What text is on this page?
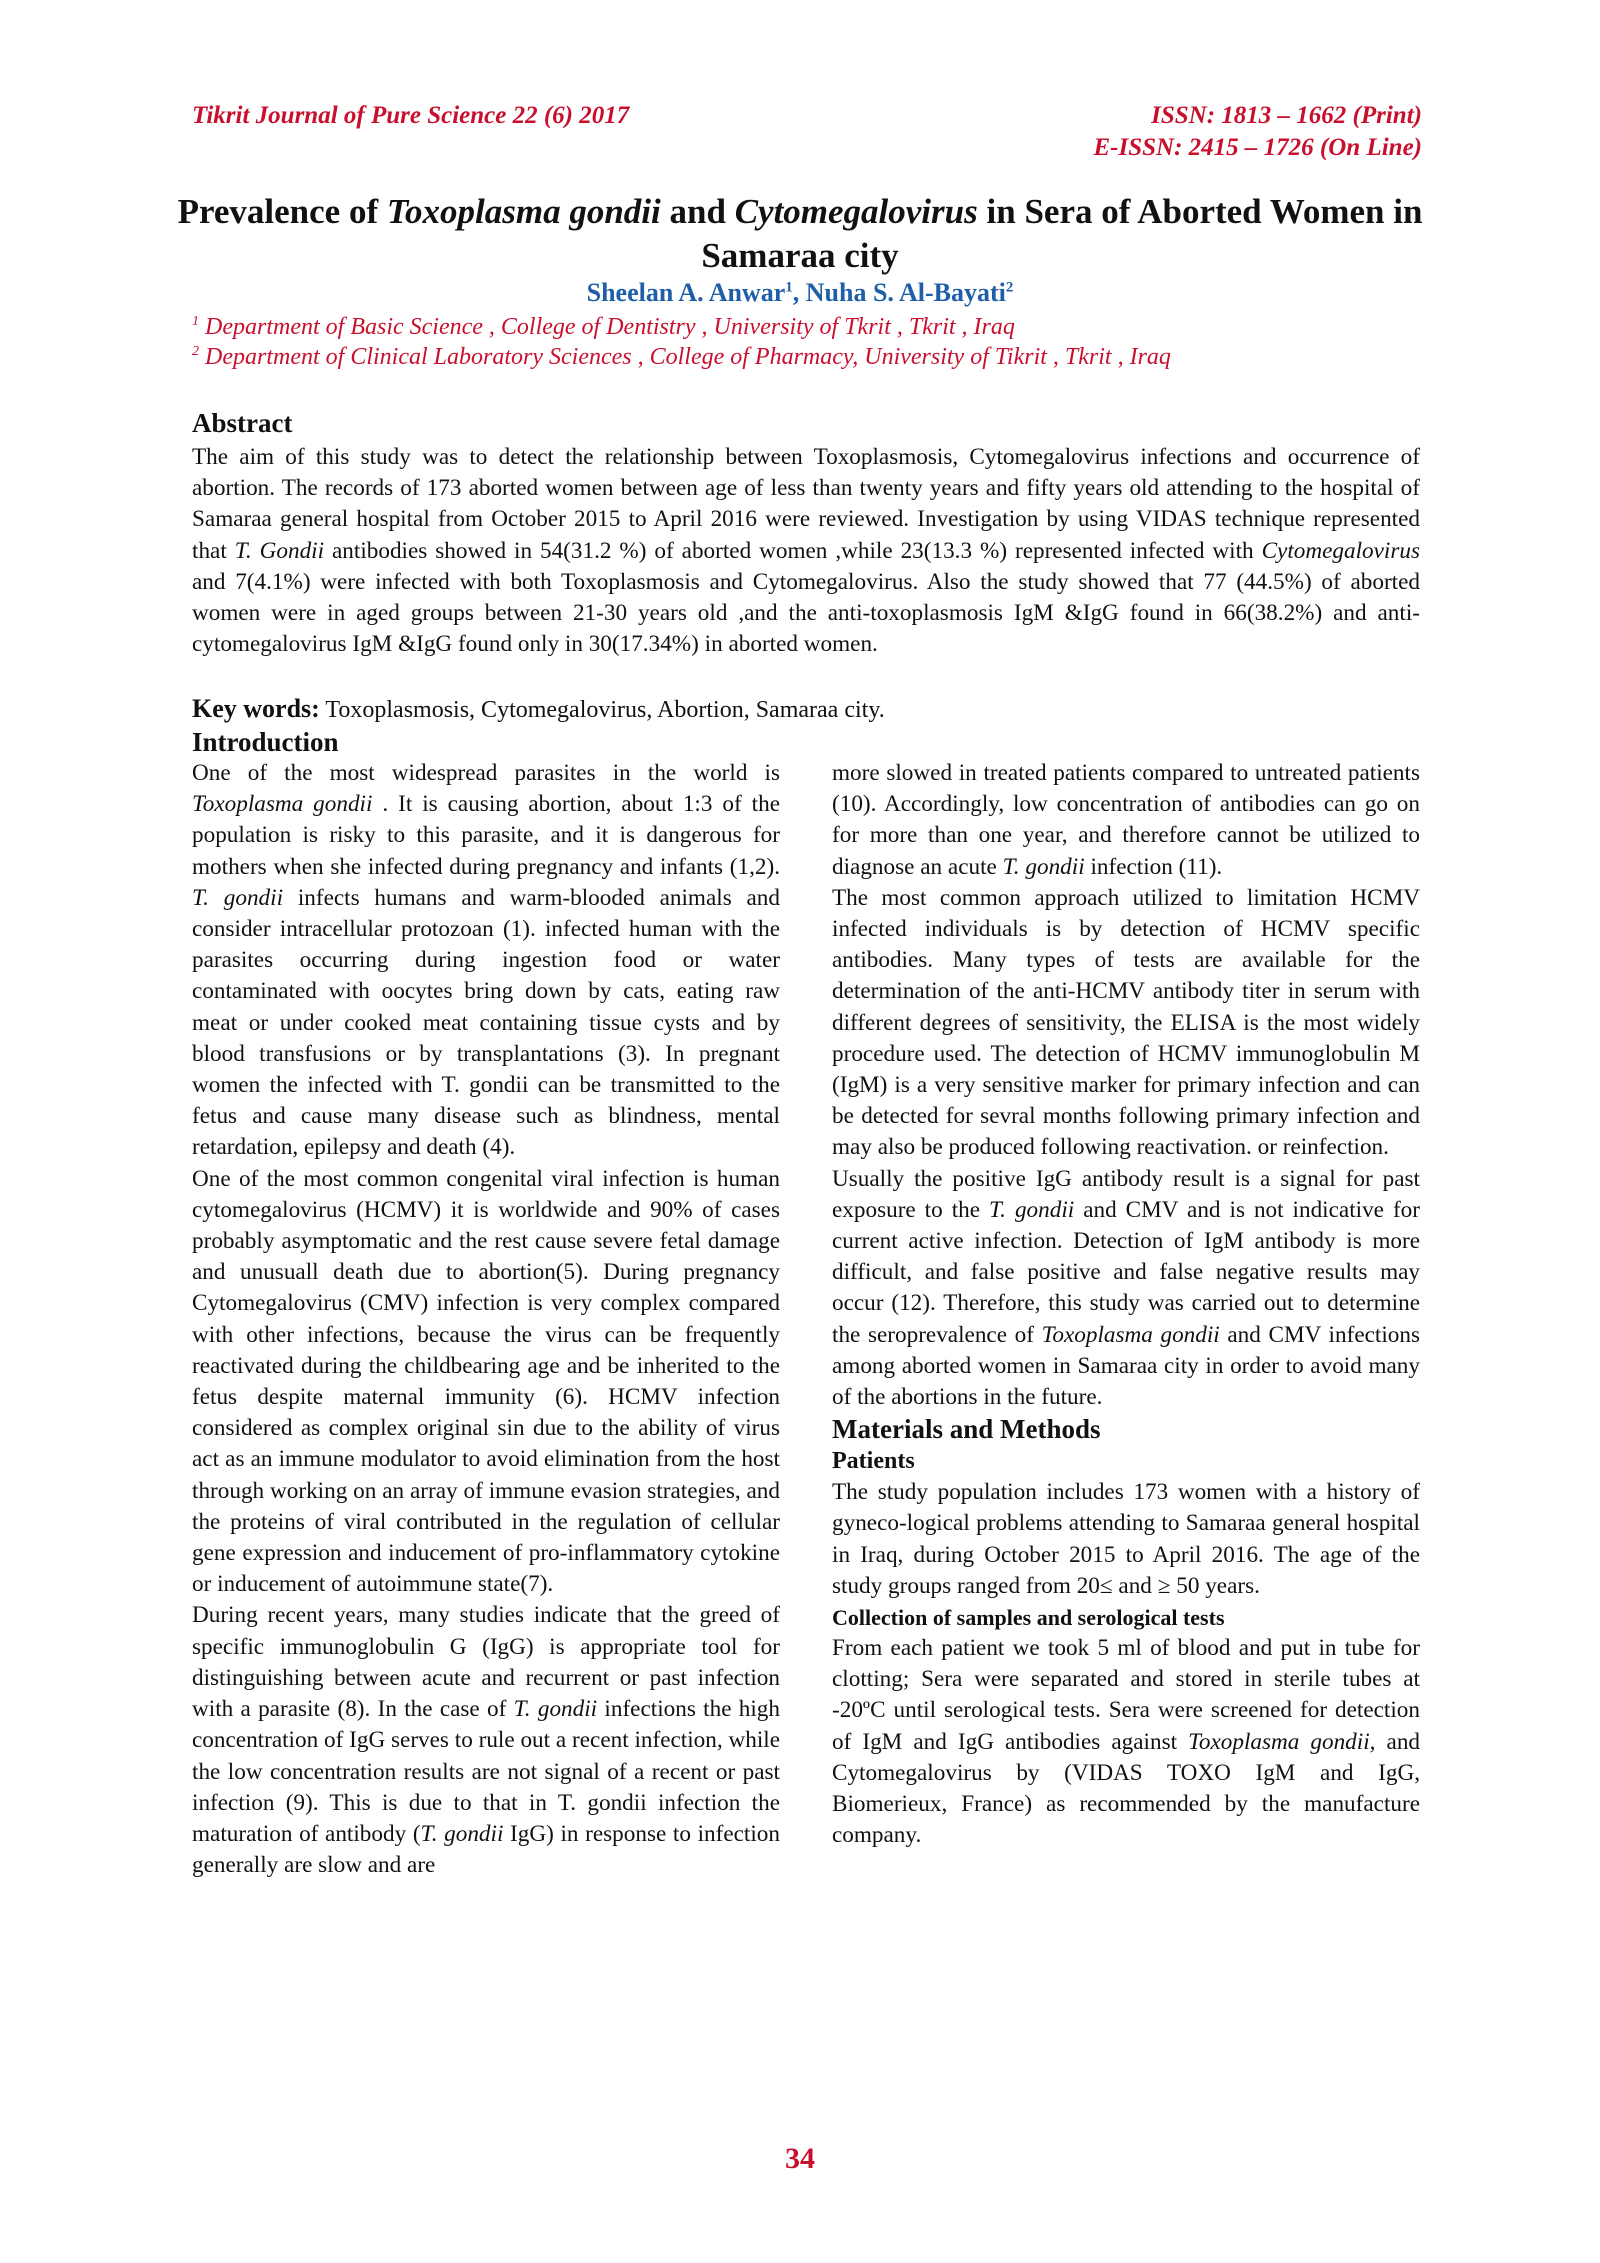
Tikrit Journal of Pure Science 22 (6) 2017	ISSN: 1813 – 1662 (Print)
E-ISSN: 2415 – 1726 (On Line)
Prevalence of Toxoplasma gondii and Cytomegalovirus in Sera of Aborted Women in Samaraa city
Sheelan A. Anwar$^1$, Nuha S. Al-Bayati$^2$
$^1$ Department of Basic Science , College of Dentistry , University of Tkrit , Tkrit , Iraq
$^2$ Department of Clinical Laboratory Sciences , College of Pharmacy, University of Tikrit , Tkrit , Iraq
Abstract
The aim of this study was to detect the relationship between Toxoplasmosis, Cytomegalovirus infections and occurrence of abortion. The records of 173 aborted women between age of less than twenty years and fifty years old attending to the hospital of Samaraa general hospital from October 2015 to April 2016 were reviewed. Investigation by using VIDAS technique represented that T. Gondii antibodies showed in 54(31.2 %) of aborted women ,while 23(13.3 %) represented infected with Cytomegalovirus and 7(4.1%) were infected with both Toxoplasmosis and Cytomegalovirus. Also the study showed that 77 (44.5%) of aborted women were in aged groups between 21-30 years old ,and the anti-toxoplasmosis IgM &IgG found in 66(38.2%) and anti-cytomegalovirus IgM &IgG found only in 30(17.34%) in aborted women.
Key words: Toxoplasmosis, Cytomegalovirus, Abortion, Samaraa city.
Introduction

One of the most widespread parasites in the world is Toxoplasma gondii . It is causing abortion, about 1:3 of the population is risky to this parasite, and it is dangerous for mothers when she infected during pregnancy and infants (1,2). T. gondii infects humans and warm-blooded animals and consider intracellular protozoan (1). infected human with the parasites occurring during ingestion food or water contaminated with oocytes bring down by cats, eating raw meat or under cooked meat containing tissue cysts and by blood transfusions or by transplantations (3). In pregnant women the infected with T. gondii can be transmitted to the fetus and cause many disease such as blindness, mental retardation, epilepsy and death (4).

One of the most common congenital viral infection is human cytomegalovirus (HCMV) it is worldwide and 90% of cases probably asymptomatic and the rest cause severe fetal damage and unusuall death due to abortion(5). During pregnancy Cytomegalovirus (CMV) infection is very complex compared with other infections, because the virus can be frequently reactivated during the childbearing age and be inherited to the fetus despite maternal immunity (6). HCMV infection considered as complex original sin due to the ability of virus act as an immune modulator to avoid elimination from the host through working on an array of immune evasion strategies, and the proteins of viral contributed in the regulation of cellular gene expression and inducement of pro-inflammatory cytokine or inducement of autoimmune state(7).

During recent years, many studies indicate that the greed of specific immunoglobulin G (IgG) is appropriate tool for distinguishing between acute and recurrent or past infection with a parasite (8). In the case of T. gondii infections the high concentration of IgG serves to rule out a recent infection, while the low concentration results are not signal of a recent or past infection (9). This is due to that in T. gondii infection the maturation of antibody (T. gondii IgG) in response to infection generally are slow and are

more slowed in treated patients compared to untreated patients (10). Accordingly, low concentration of antibodies can go on for more than one year, and therefore cannot be utilized to diagnose an acute T. gondii infection (11).

The most common approach utilized to limitation HCMV infected individuals is by detection of HCMV specific antibodies. Many types of tests are available for the determination of the anti-HCMV antibody titer in serum with different degrees of sensitivity, the ELISA is the most widely procedure used. The detection of HCMV immunoglobulin M (IgM) is a very sensitive marker for primary infection and can be detected for sevral months following primary infection and may also be produced following reactivation. or reinfection.

Usually the positive IgG antibody result is a signal for past exposure to the T. gondii and CMV and is not indicative for current active infection. Detection of IgM antibody is more difficult, and false positive and false negative results may occur (12). Therefore, this study was carried out to determine the seroprevalence of Toxoplasma gondii and CMV infections among aborted women in Samaraa city in order to avoid many of the abortions in the future.

Materials and Methods
Patients

The study population includes 173 women with a history of gyneco-logical problems attending to Samaraa general hospital in Iraq, during October 2015 to April 2016. The age of the study groups ranged from 20≤ and ≥ 50 years.

Collection of samples and serological tests

From each patient we took 5 ml of blood and put in tube for clotting; Sera were separated and stored in sterile tubes at -20ºC until serological tests. Sera were screened for detection of IgM and IgG antibodies against Toxoplasma gondii, and Cytomegalovirus by (VIDAS TOXO IgM and IgG, Biomerieux, France) as recommended by the manufacture company.

34
